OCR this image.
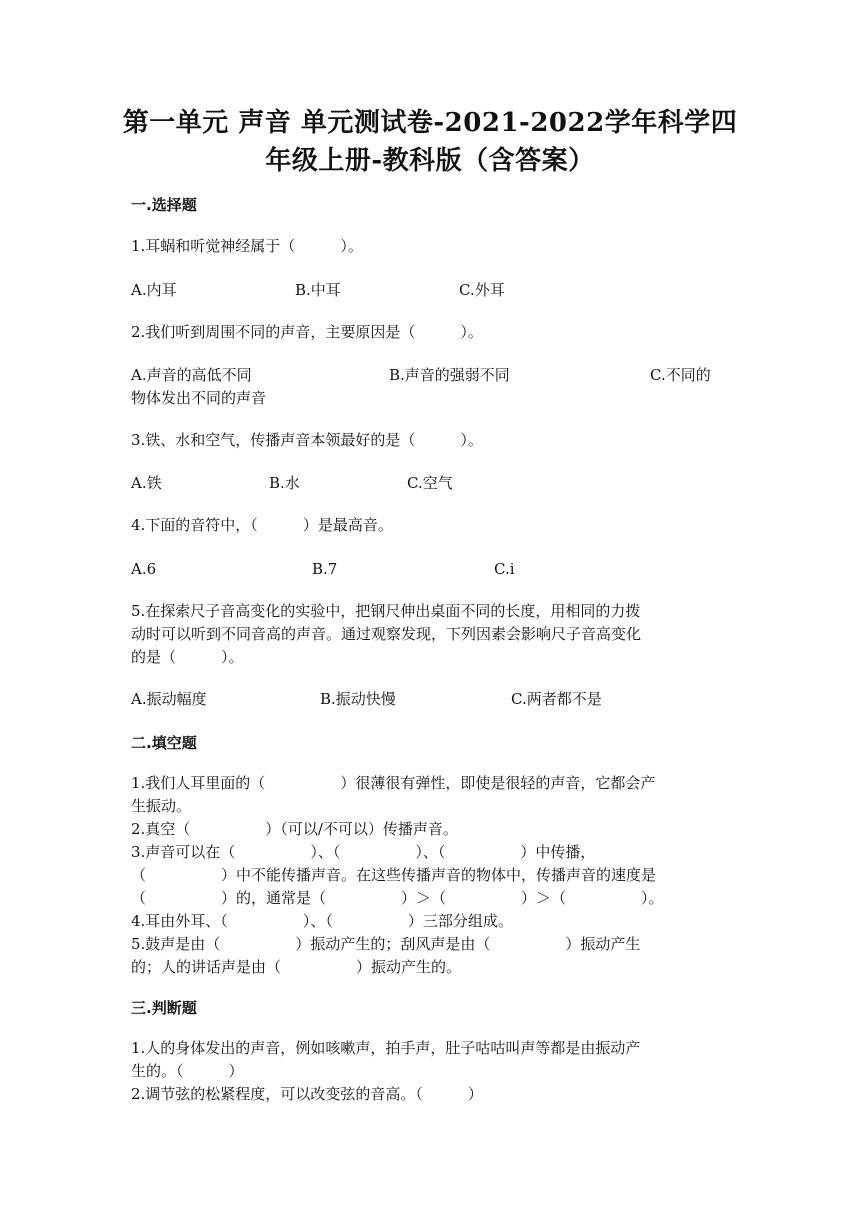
第一单元 声音 单元测试卷-2021-2022学年科学四
年级上册-教科版（含答案）
一.选择题
1.耳蜗和听觉神经属于（　　　）。
A.内耳	B.中耳	C.外耳
2.我们听到周围不同的声音，主要原因是（　　　）。
A.声音的高低不同	B.声音的强弱不同	C.不同的
物体发出不同的声音
3.铁、水和空气，传播声音本领最好的是（　　　）。
A.铁	B.水	C.空气
4.下面的音符中，（　　　）是最高音。
A.6	B.7	C.i
5.在探索尺子音高变化的实验中，把钢尺伸出桌面不同的长度，用相同的力拨
动时可以听到不同音高的声音。通过观察发现，下列因素会影响尺子音高变化
的是（　　　）。
A.振动幅度	B.振动快慢	C.两者都不是
二.填空题
1.我们人耳里面的（　　　　　）很薄很有弹性，即使是很轻的声音，它都会产
生振动。
2.真空（　　　　　）（可以/不可以）传播声音。
3.声音可以在（　　　　　）、（　　　　　）、（　　　　　）中传播，
（　　　　　）中不能传播声音。在这些传播声音的物体中，传播声音的速度是
（　　　　　）的，通常是（　　　　　）＞（　　　　　）＞（　　　　　）。
4.耳由外耳、（　　　　　）、（　　　　　）三部分组成。
5.鼓声是由（　　　　　）振动产生的；刮风声是由（　　　　　）振动产生
的；人的讲话声是由（　　　　　）振动产生的。
三.判断题
1.人的身体发出的声音，例如咳嗽声，拍手声，肚子咕咕叫声等都是由振动产
生的。（　　　）
2.调节弦的松紧程度，可以改变弦的音高。（　　　）
